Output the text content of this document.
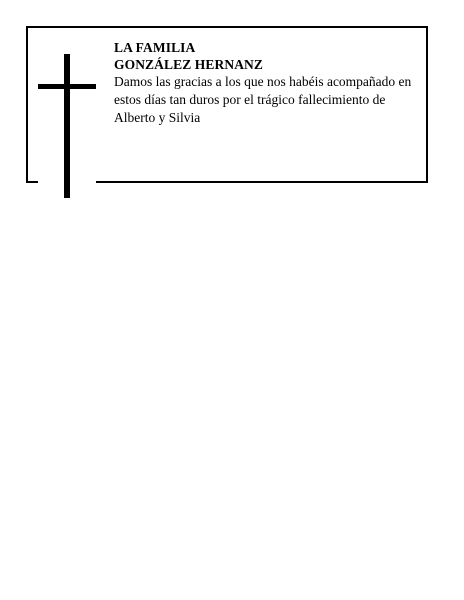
LA FAMILIA
GONZÁLEZ HERNANZ
Damos las gracias a los que nos habéis acompañado en estos días tan duros por el trágico fallecimiento de Alberto y Silvia
